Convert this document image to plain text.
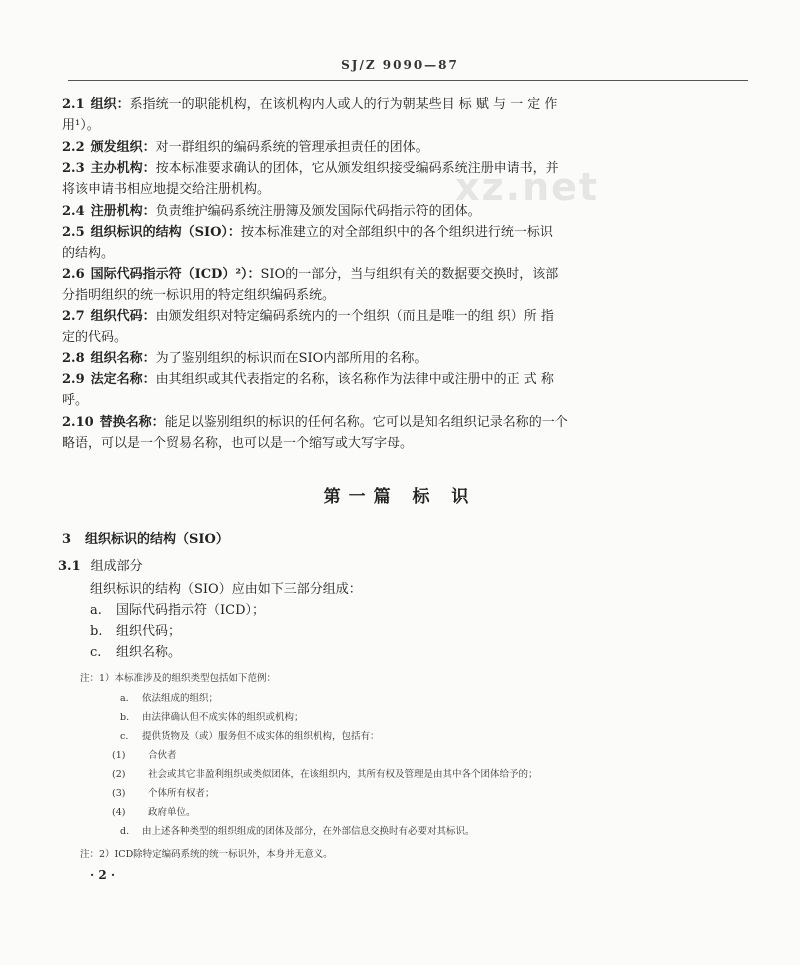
SJ/Z 9090—87
xz.net
2.1 组织：系指统一的职能机构，在该机构内人或人的行为朝某些目 标 赋 与 一 定 作
用¹）。
2.2 颁发组织：对一群组织的编码系统的管理承担责任的团体。
2.3 主办机构：按本标准要求确认的团体，它从颁发组织接受编码系统注册申请书，并
将该申请书相应地提交给注册机构。
2.4 注册机构：负责维护编码系统注册簿及颁发国际代码指示符的团体。
2.5 组织标识的结构（SIO）：按本标准建立的对全部组织中的各个组织进行统一标识
的结构。
2.6 国际代码指示符（ICD）²）：SIO的一部分，当与组织有关的数据要交换时，该部
分指明组织的统一标识用的特定组织编码系统。
2.7 组织代码：由颁发组织对特定编码系统内的一个组织（而且是唯一的组 织）所 指
定的代码。
2.8 组织名称：为了鉴别组织的标识而在SIO内部所用的名称。
2.9 法定名称：由其组织或其代表指定的名称，该名称作为法律中或注册中的正 式 称
呼。
2.10 替换名称：能足以鉴别组织的标识的任何名称。它可以是知名组织记录名称的一个
略语，可以是一个贸易名称，也可以是一个缩写或大写字母。
第一篇 标 识
3 组织标识的结构（SIO）
3.1 组成部分
组织标识的结构（SIO）应由如下三部分组成：
a. 国际代码指示符（ICD）；
b. 组织代码；
c. 组织名称。
注：1）本标准涉及的组织类型包括如下范例：
a. 依法组成的组织；
b. 由法律确认但不成实体的组织或机构；
c. 提供货物及（或）服务但不成实体的组织机构，包括有：
(1) 合伙者
(2) 社会或其它非盈利组织或类似团体，在该组织内，其所有权及管理是由其中各个团体给予的；
(3) 个体所有权者；
(4) 政府单位。
d. 由上述各种类型的组织组成的团体及部分，在外部信息交换时有必要对其标识。
注：2）ICD除特定编码系统的统一标识外，本身并无意义。
· 2 ·
